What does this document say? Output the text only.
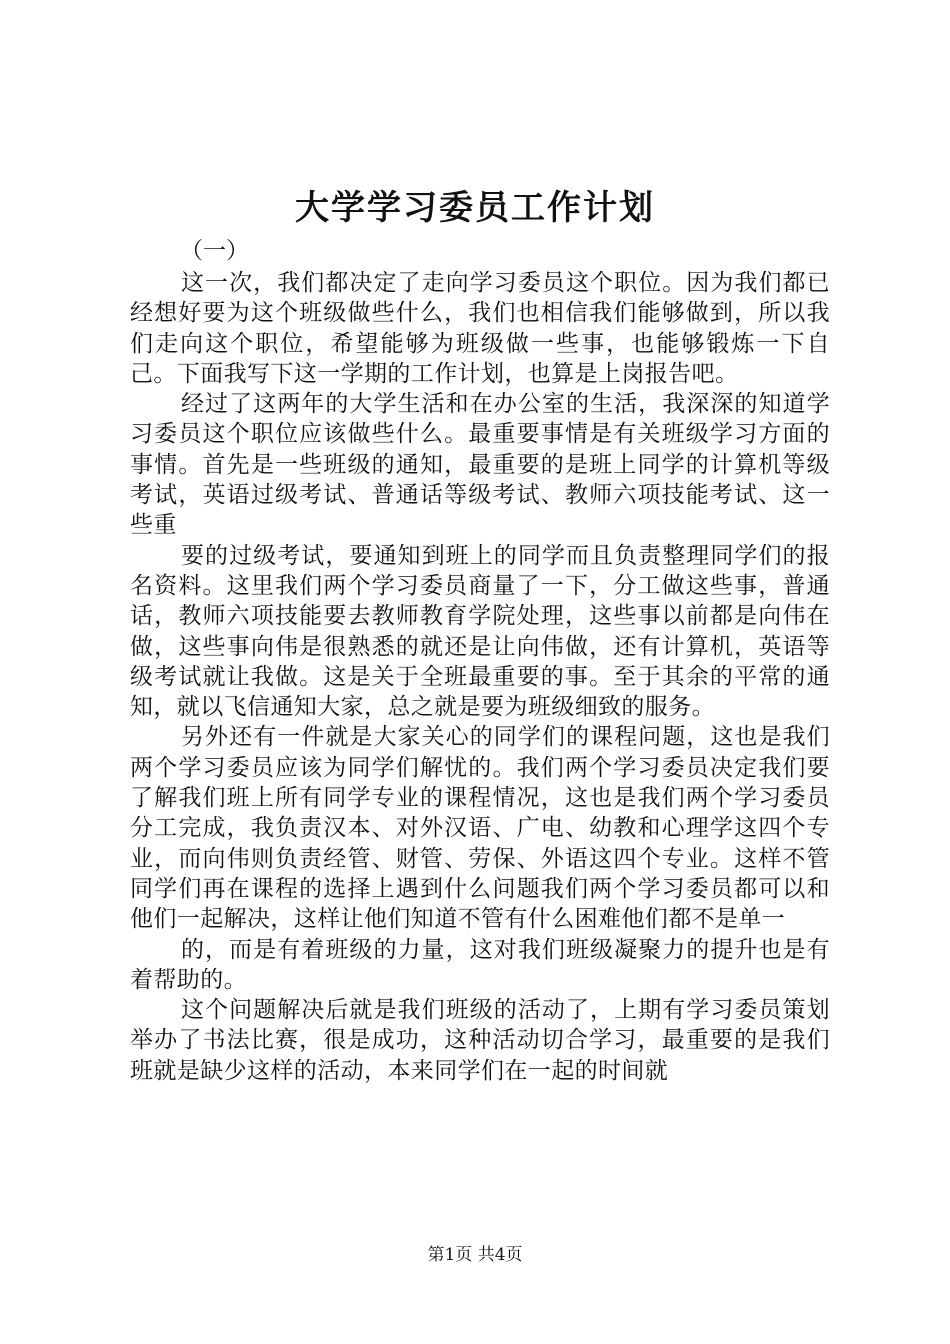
大学学习委员工作计划
（一）

这一次，我们都决定了走向学习委员这个职位。因为我们都已经想好要为这个班级做些什么，我们也相信我们能够做到，所以我们走向这个职位，希望能够为班级做一些事，也能够锻炼一下自己。下面我写下这一学期的工作计划，也算是上岗报告吧。

经过了这两年的大学生活和在办公室的生活，我深深的知道学习委员这个职位应该做些什么。最重要事情是有关班级学习方面的事情。首先是一些班级的通知，最重要的是班上同学的计算机等级考试，英语过级考试、普通话等级考试、教师六项技能考试、这一些重

要的过级考试，要通知到班上的同学而且负责整理同学们的报名资料。这里我们两个学习委员商量了一下，分工做这些事，普通话，教师六项技能要去教师教育学院处理，这些事以前都是向伟在做，这些事向伟是很熟悉的就还是让向伟做，还有计算机，英语等级考试就让我做。这是关于全班最重要的事。至于其余的平常的通知，就以飞信通知大家，总之就是要为班级细致的服务。

另外还有一件就是大家关心的同学们的课程问题，这也是我们两个学习委员应该为同学们解忧的。我们两个学习委员决定我们要了解我们班上所有同学专业的课程情况，这也是我们两个学习委员分工完成，我负责汉本、对外汉语、广电、幼教和心理学这四个专业，而向伟则负责经管、财管、劳保、外语这四个专业。这样不管同学们再在课程的选择上遇到什么问题我们两个学习委员都可以和他们一起解决，这样让他们知道不管有什么困难他们都不是单一

的，而是有着班级的力量，这对我们班级凝聚力的提升也是有着帮助的。

这个问题解决后就是我们班级的活动了，上期有学习委员策划举办了书法比赛，很是成功，这种活动切合学习，最重要的是我们班就是缺少这样的活动，本来同学们在一起的时间就

第1页 共4页
